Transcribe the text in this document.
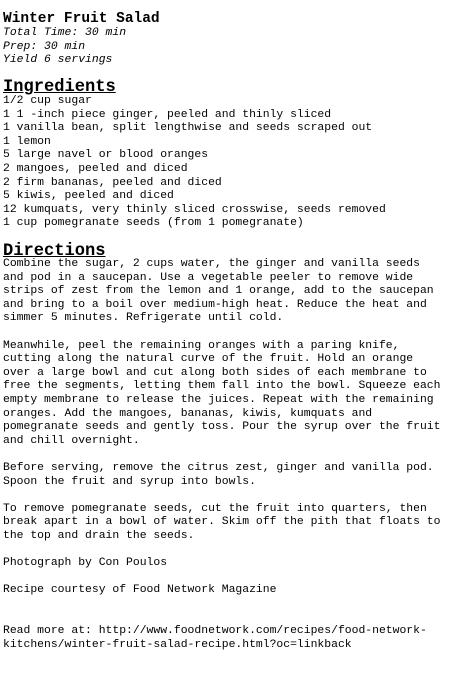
Winter Fruit Salad

Total Time: 30 min

Prep: 30 min

Yield 6 servings

Ingredients
1/2 cup sugar
1 1 -inch piece ginger, peeled and thinly sliced
1 vanilla bean, split lengthwise and seeds scraped out
1 lemon
5 large navel or blood oranges
2 mangoes, peeled and diced
2 firm bananas, peeled and diced
5 kiwis, peeled and diced
12 kumquats, very thinly sliced crosswise, seeds removed
1 cup pomegranate seeds (from 1 pomegranate)
Directions

Combine the sugar, 2 cups water, the ginger and vanilla seeds
and pod in a saucepan. Use a vegetable peeler to remove wide
strips of zest from the lemon and 1 orange, add to the saucepan
and bring to a boil over medium-high heat. Reduce the heat and
simmer 5 minutes. Refrigerate until cold.

Meanwhile, peel the remaining oranges with a paring knife,
cutting along the natural curve of the fruit. Hold an orange
over a large bowl and cut along both sides of each membrane to
free the segments, letting them fall into the bowl. Squeeze each
empty membrane to release the juices. Repeat with the remaining
oranges. Add the mangoes, bananas, kiwis, kumquats and
pomegranate seeds and gently toss. Pour the syrup over the fruit
and chill overnight.

Before serving, remove the citrus zest, ginger and vanilla pod.
Spoon the fruit and syrup into bowls.

To remove pomegranate seeds, cut the fruit into quarters, then
break apart in a bowl of water. Skim off the pith that floats to
the top and drain the seeds.

Photograph by Con Poulos

Recipe courtesy of Food Network Magazine

Read more at: http://www.foodnetwork.com/recipes/food-network-
kitchens/winter-fruit-salad-recipe.html?oc=linkback
